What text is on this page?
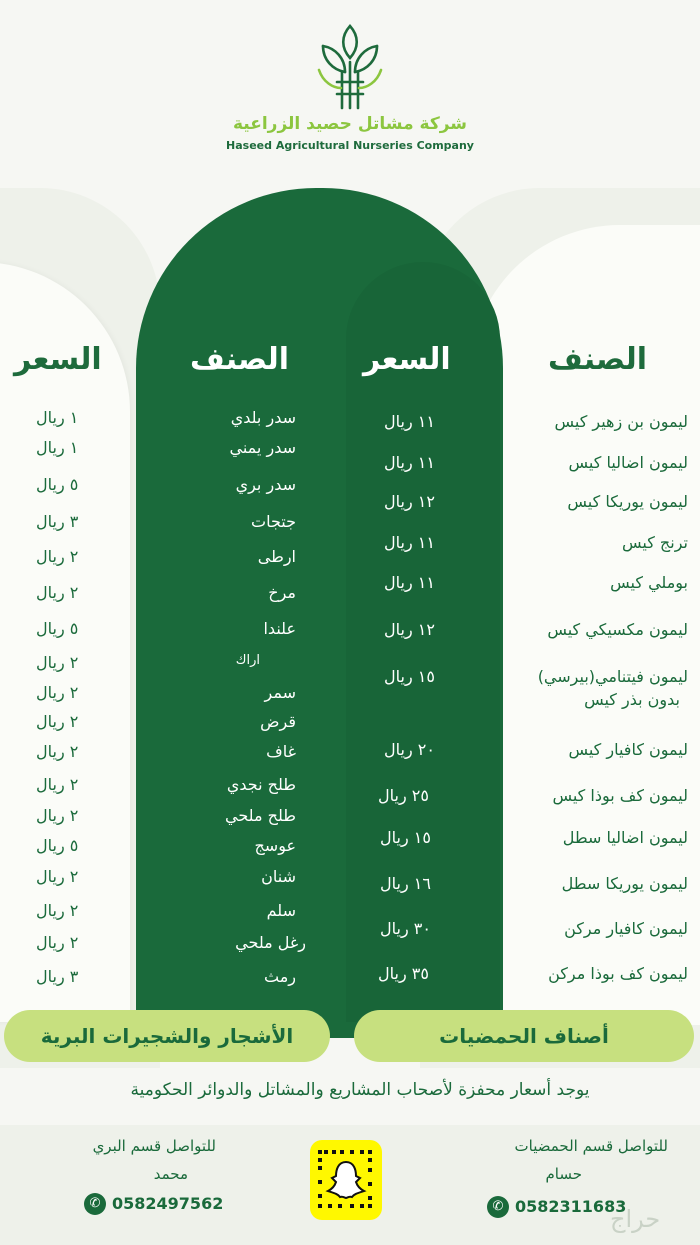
شركة مشاتل حصيد الزراعية
Haseed Agricultural Nurseries Company
الصنف
السعر
الصنف
السعر
ليمون بن زهير كيس
١١ ريال
ليمون اضاليا كيس
١١ ريال
ليمون يوريكا كيس
١٢ ريال
ترنج كيس
١١ ريال
بوملي كيس
١١ ريال
ليمون مكسيكي كيس
١٢ ريال
ليمون فيتنامي(بيرسي)
بدون بذر كيس
١٥ ريال
ليمون كافيار كيس
٢٠ ريال
ليمون كف بوذا كيس
٢٥ ريال
ليمون اضاليا سطل
١٥ ريال
ليمون يوريكا سطل
١٦ ريال
ليمون كافيار مركن
٣٠ ريال
ليمون كف بوذا مركن
٣٥ ريال
سدر بلدي
١ ريال
سدر يمني
١ ريال
سدر بري
٥ ريال
جتجات
٣ ريال
ارطى
٢ ريال
مرخ
٢ ريال
علندا
٥ ريال
اراك
٢ ريال
سمر
٢ ريال
قرض
٢ ريال
غاف
٢ ريال
طلح نجدي
٢ ريال
طلح ملحي
٢ ريال
عوسج
٥ ريال
شنان
٢ ريال
سلم
٢ ريال
رغل ملحي
٢ ريال
رمث
٣ ريال
أصناف الحمضيات
الأشجار والشجيرات البرية
يوجد أسعار محفزة لأصحاب المشاريع والمشاتل والدوائر الحكومية
للتواصل قسم الحمضيات
حسام
✆ 0582311683
للتواصل قسم البري
محمد
✆ 0582497562
حراج
